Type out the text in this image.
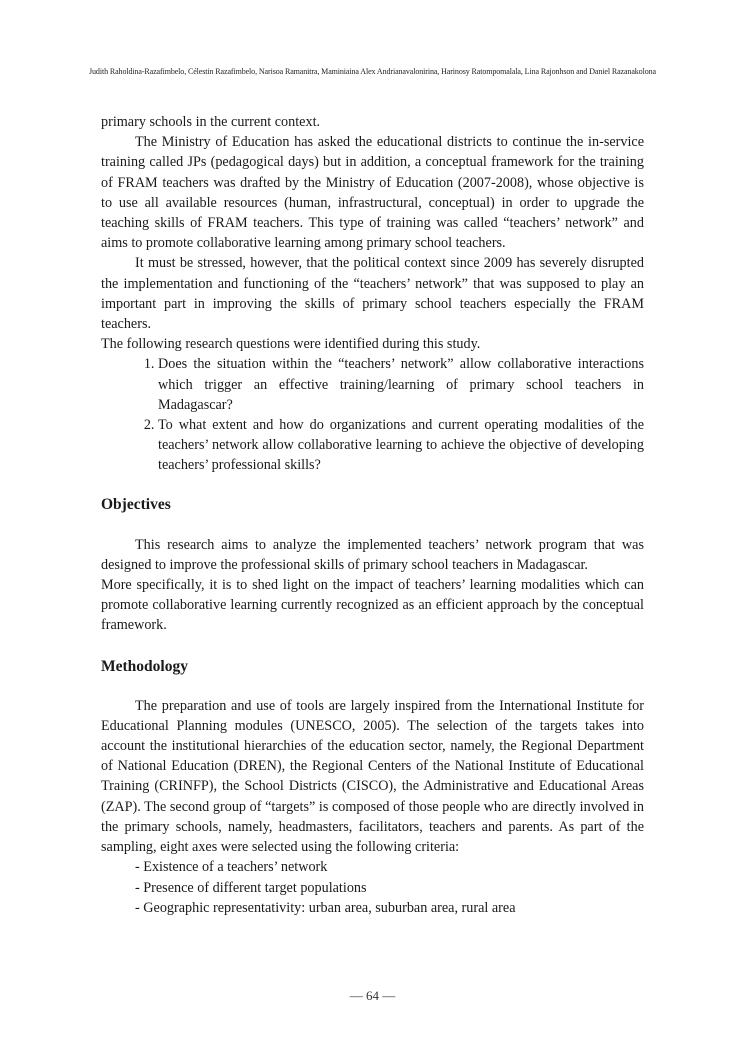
Judith Raholdina-Razafimbelo, Célestin Razafimbelo, Narisoa Ramanitra, Maminiaina Alex Andrianavalonirina, Harinosy Ratompomalala, Lina Rajonhson and Daniel Razanakolona

primary schools in the current context.

The Ministry of Education has asked the educational districts to continue the in-service training called JPs (pedagogical days) but in addition, a conceptual framework for the training of FRAM teachers was drafted by the Ministry of Education (2007-2008), whose objective is to use all available resources (human, infrastructural, conceptual) in order to upgrade the teaching skills of FRAM teachers. This type of training was called “teachers’ network” and aims to promote collaborative learning among primary school teachers.

It must be stressed, however, that the political context since 2009 has severely disrupted the implementation and functioning of the “teachers’ network” that was supposed to play an important part in improving the skills of primary school teachers especially the FRAM teachers.

The following research questions were identified during this study.

1. Does the situation within the “teachers’ network” allow collaborative interactions which trigger an effective training/learning of primary school teachers in Madagascar?
2. To what extent and how do organizations and current operating modalities of the teachers’ network allow collaborative learning to achieve the objective of developing teachers’ professional skills?
Objectives

This research aims to analyze the implemented teachers’ network program that was designed to improve the professional skills of primary school teachers in Madagascar.

More specifically, it is to shed light on the impact of teachers’ learning modalities which can promote collaborative learning currently recognized as an efficient approach by the conceptual framework.

Methodology

The preparation and use of tools are largely inspired from the International Institute for Educational Planning modules (UNESCO, 2005). The selection of the targets takes into account the institutional hierarchies of the education sector, namely, the Regional Department of National Education (DREN), the Regional Centers of the National Institute of Educational Training (CRINFP), the School Districts (CISCO), the Administrative and Educational Areas (ZAP). The second group of “targets” is composed of those people who are directly involved in the primary schools, namely, headmasters, facilitators, teachers and parents. As part of the sampling, eight axes were selected using the following criteria:

- Existence of a teachers’ network
- Presence of different target populations
- Geographic representativity: urban area, suburban area, rural area
— 64 —
